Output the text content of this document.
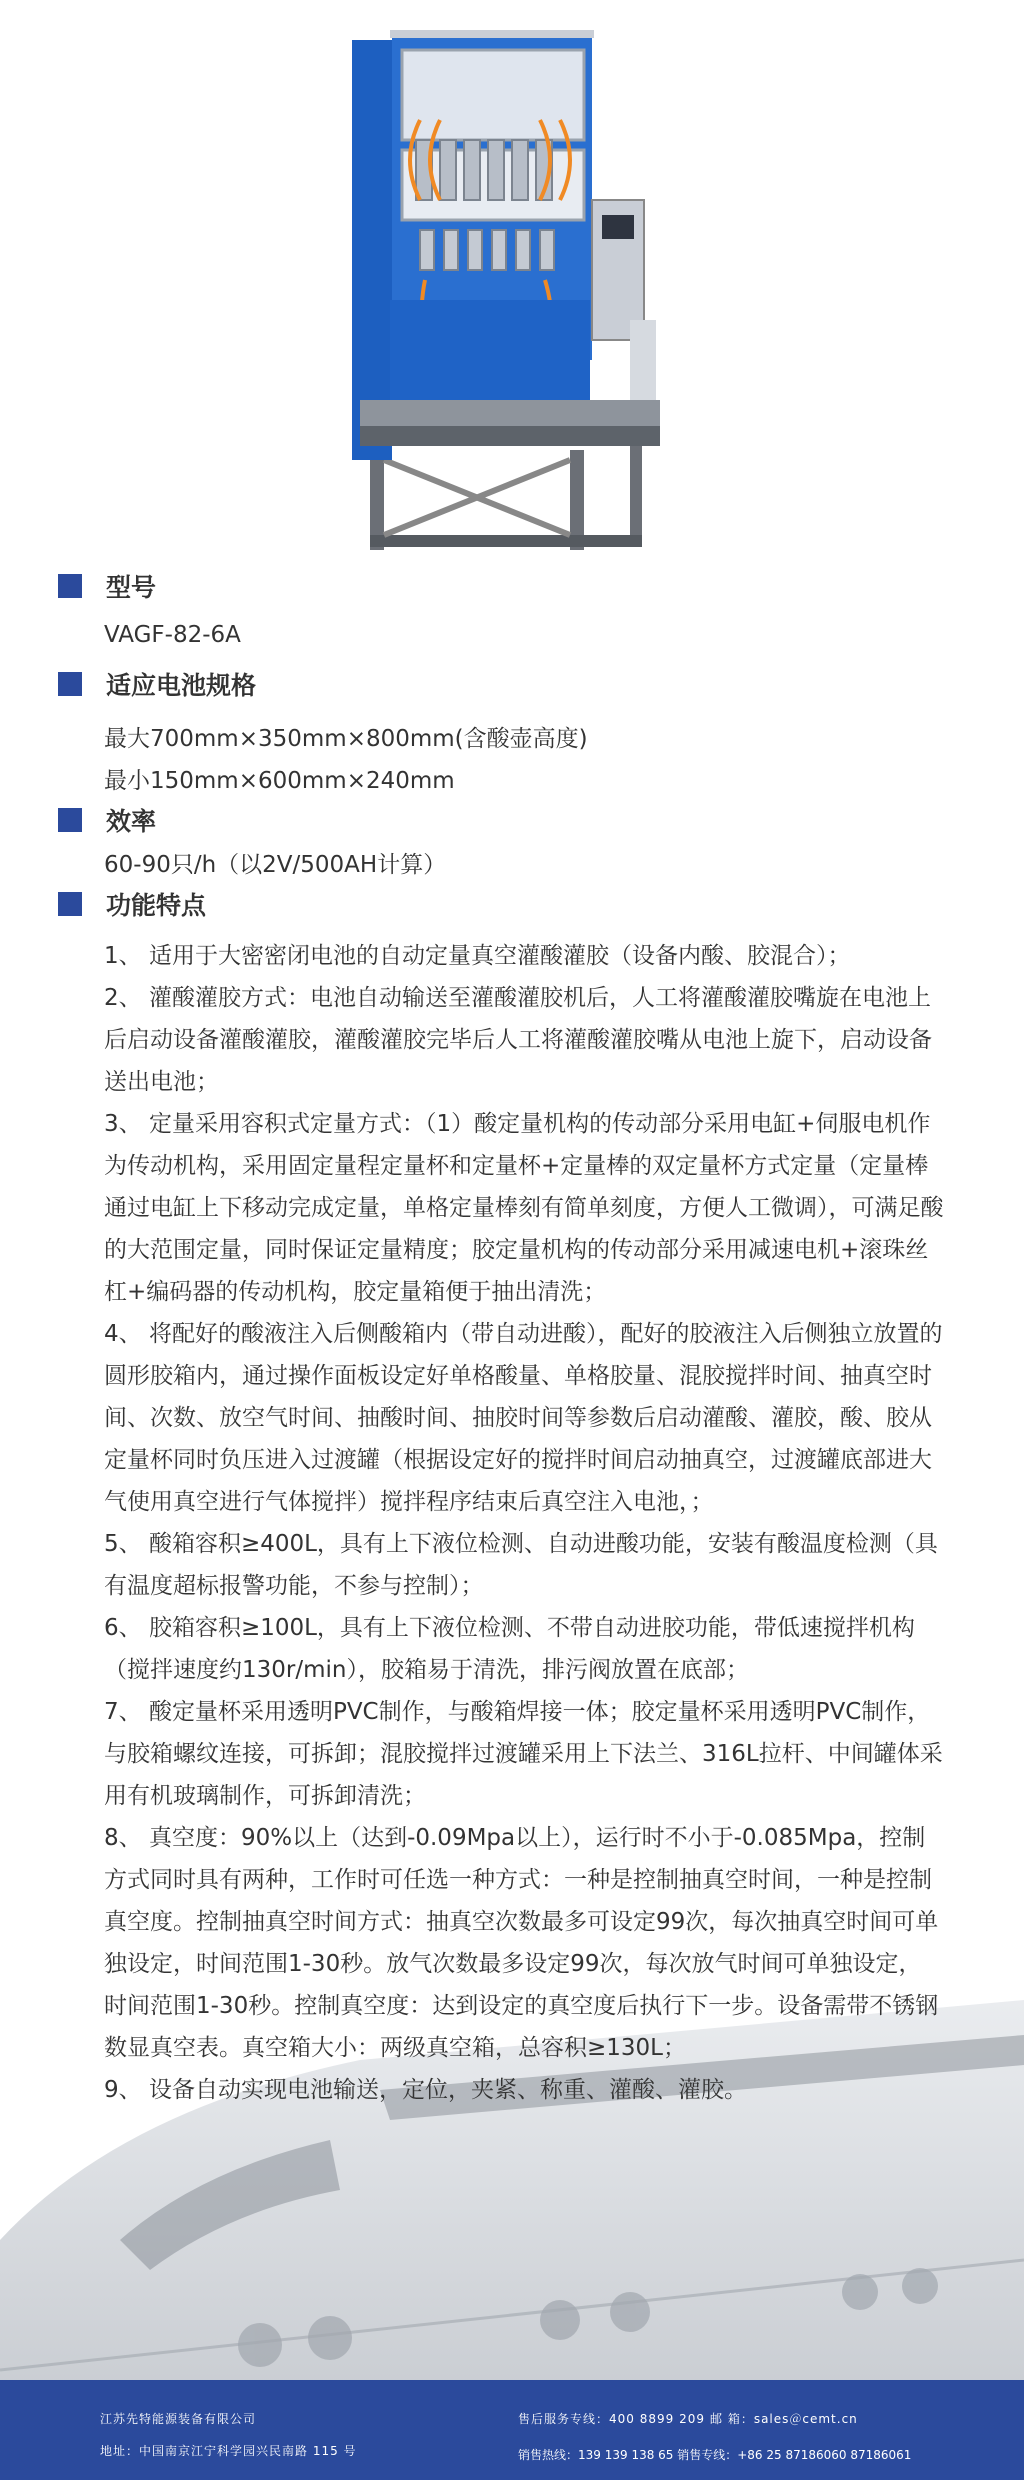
型号
VAGF-82-6A
适应电池规格
最大700mm×350mm×800mm(含酸壶高度)
最小150mm×600mm×240mm
效率
60-90只/h（以2V/500AH计算）
功能特点

1、 适用于大密密闭电池的自动定量真空灌酸灌胶（设备内酸、胶混合）；

2、 灌酸灌胶方式：电池自动输送至灌酸灌胶机后，人工将灌酸灌胶嘴旋在电池上后启动设备灌酸灌胶，灌酸灌胶完毕后人工将灌酸灌胶嘴从电池上旋下，启动设备送出电池；

3、 定量采用容积式定量方式：（1）酸定量机构的传动部分采用电缸+伺服电机作为传动机构，采用固定量程定量杯和定量杯+定量棒的双定量杯方式定量（定量棒通过电缸上下移动完成定量，单格定量棒刻有简单刻度，方便人工微调），可满足酸的大范围定量，同时保证定量精度；胶定量机构的传动部分采用减速电机+滚珠丝杠+编码器的传动机构，胶定量箱便于抽出清洗；

4、 将配好的酸液注入后侧酸箱内（带自动进酸），配好的胶液注入后侧独立放置的圆形胶箱内，通过操作面板设定好单格酸量、单格胶量、混胶搅拌时间、抽真空时间、次数、放空气时间、抽酸时间、抽胶时间等参数后启动灌酸、灌胶，酸、胶从定量杯同时负压进入过渡罐（根据设定好的搅拌时间启动抽真空，过渡罐底部进大气使用真空进行气体搅拌）搅拌程序结束后真空注入电池，；

5、 酸箱容积≥400L，具有上下液位检测、自动进酸功能，安装有酸温度检测（具有温度超标报警功能，不参与控制）；

6、 胶箱容积≥100L，具有上下液位检测、不带自动进胶功能，带低速搅拌机构（搅拌速度约130r/min），胶箱易于清洗，排污阀放置在底部；

7、 酸定量杯采用透明PVC制作，与酸箱焊接一体；胶定量杯采用透明PVC制作，与胶箱螺纹连接，可拆卸；混胶搅拌过渡罐采用上下法兰、316L拉杆、中间罐体采用有机玻璃制作，可拆卸清洗；

8、 真空度：90%以上（达到-0.09Mpa以上），运行时不小于-0.085Mpa，控制方式同时具有两种，工作时可任选一种方式：一种是控制抽真空时间，一种是控制真空度。控制抽真空时间方式：抽真空次数最多可设定99次，每次抽真空时间可单独设定，时间范围1-30秒。放气次数最多设定99次，每次放气时间可单独设定，时间范围1-30秒。控制真空度：达到设定的真空度后执行下一步。设备需带不锈钢数显真空表。真空箱大小：两级真空箱，总容积≥130L；

9、 设备自动实现电池输送，定位，夹紧、称重、灌酸、灌胶。

江苏先特能源装备有限公司
地址：中国南京江宁科学园兴民南路 115 号
售后服务专线：400 8899 209 邮 箱：sales＠cemt.cn
销售热线：139 139 138 65 销售专线：+86 25 87186060 87186061
